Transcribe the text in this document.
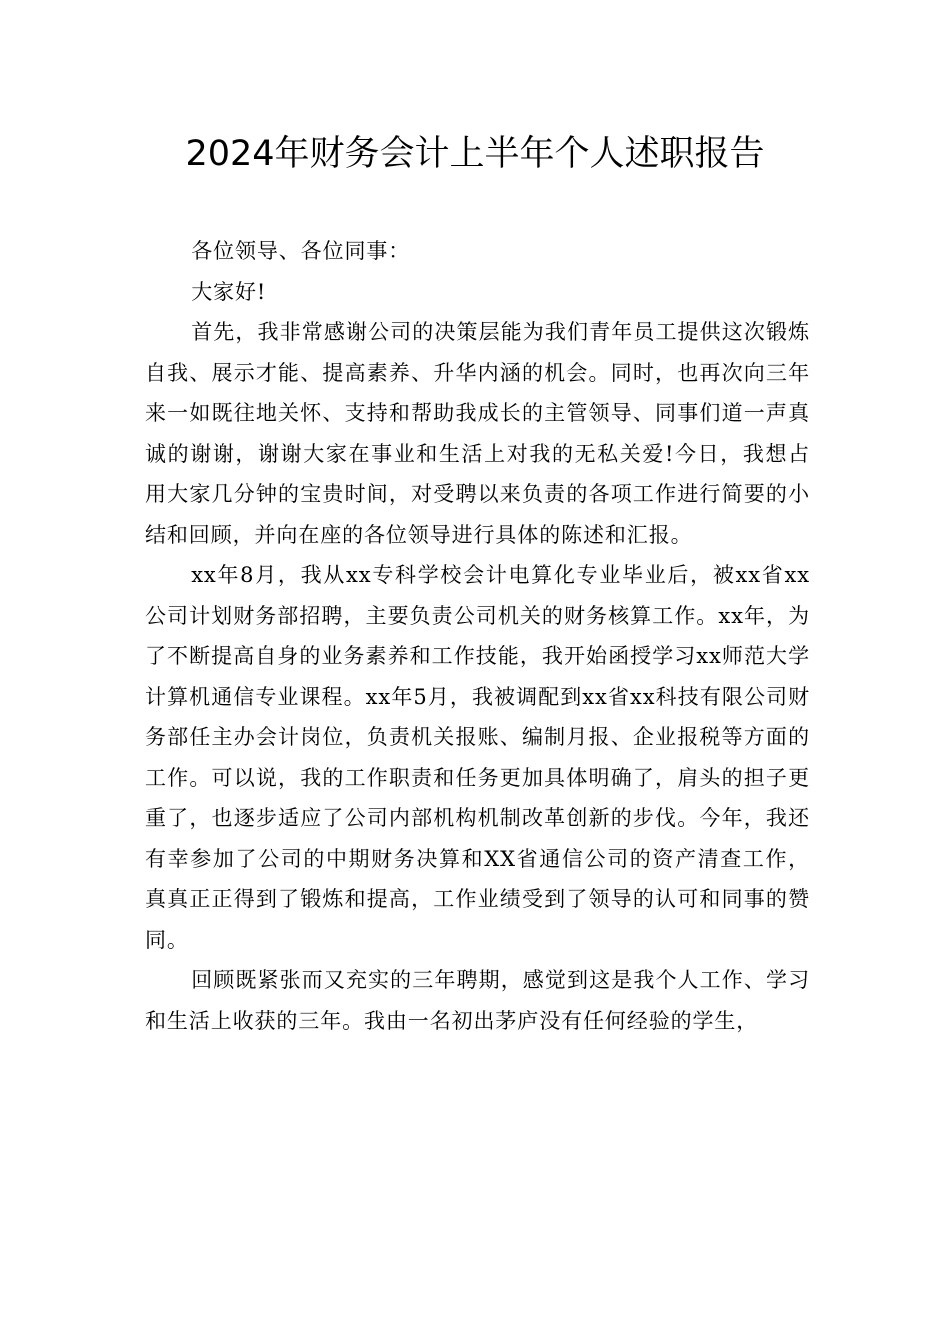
2024年财务会计上半年个人述职报告

各位领导、各位同事：

大家好!

首先，我非常感谢公司的决策层能为我们青年员工提供这次锻炼自我、展示才能、提高素养、升华内涵的机会。同时，也再次向三年来一如既往地关怀、支持和帮助我成长的主管领导、同事们道一声真诚的谢谢，谢谢大家在事业和生活上对我的无私关爱!今日，我想占用大家几分钟的宝贵时间，对受聘以来负责的各项工作进行简要的小结和回顾，并向在座的各位领导进行具体的陈述和汇报。

xx年8月，我从xx专科学校会计电算化专业毕业后，被xx省xx公司计划财务部招聘，主要负责公司机关的财务核算工作。xx年，为了不断提高自身的业务素养和工作技能，我开始函授学习xx师范大学计算机通信专业课程。xx年5月，我被调配到xx省xx科技有限公司财务部任主办会计岗位，负责机关报账、编制月报、企业报税等方面的工作。可以说，我的工作职责和任务更加具体明确了，肩头的担子更重了，也逐步适应了公司内部机构机制改革创新的步伐。今年，我还有幸参加了公司的中期财务决算和XX省通信公司的资产清查工作，真真正正得到了锻炼和提高，工作业绩受到了领导的认可和同事的赞同。

回顾既紧张而又充实的三年聘期，感觉到这是我个人工作、学习和生活上收获的三年。我由一名初出茅庐没有任何经验的学生，
